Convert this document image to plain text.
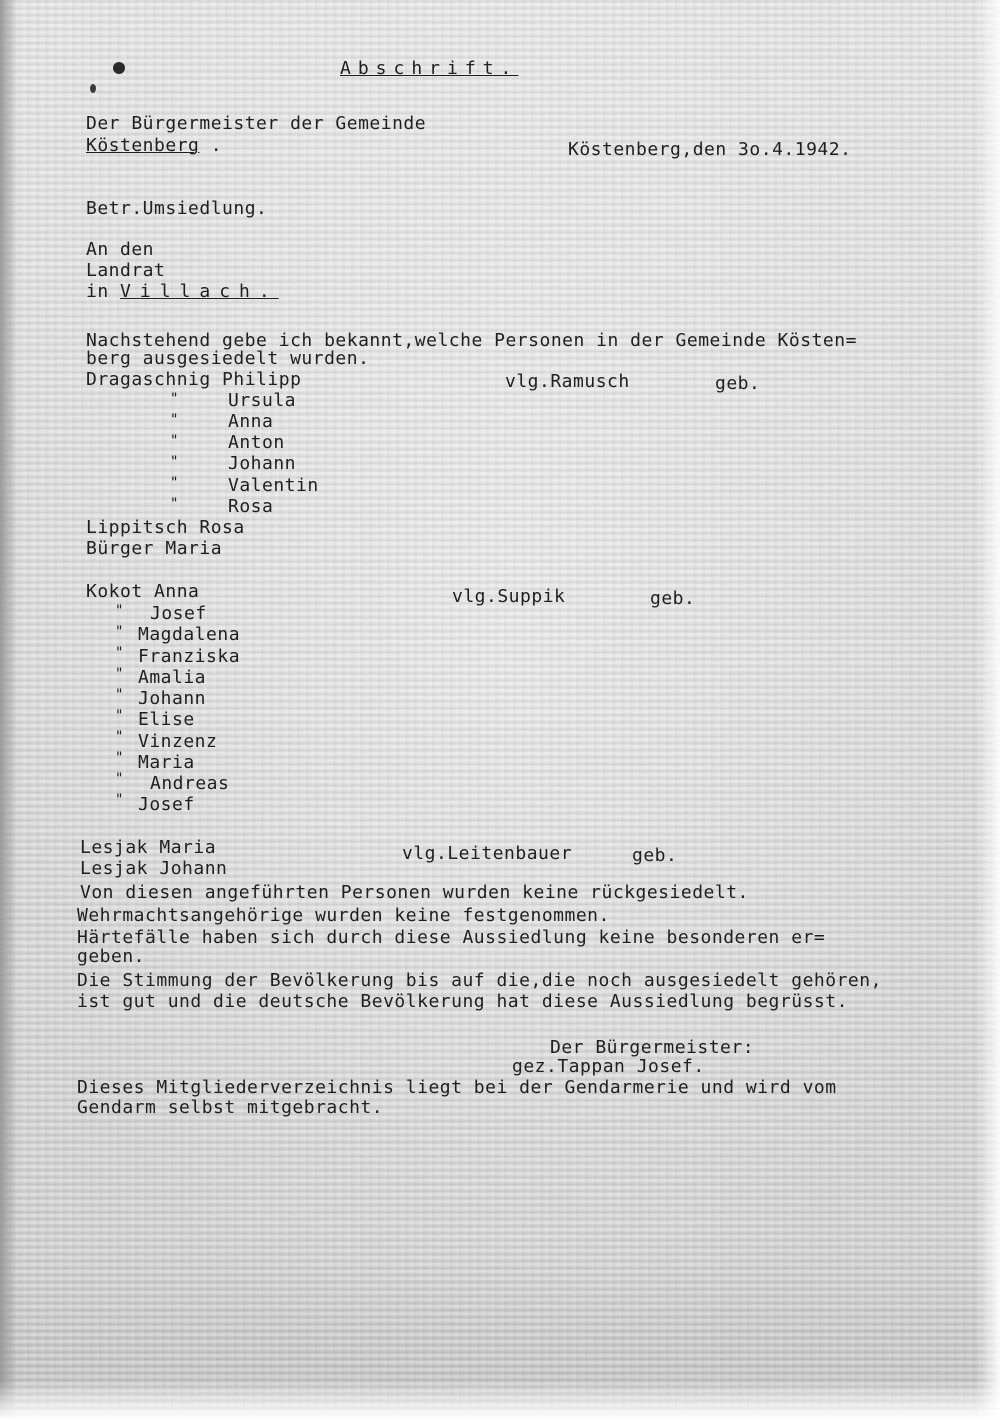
Abschrift.
Der Bürgermeister der Gemeinde
Köstenberg .	Köstenberg,den 3o.4.1942.
Betr.Umsiedlung.
An den
Landrat
in Villach.
Nachstehend gebe ich bekannt,welche Personen in der Gemeinde Kösten=
berg ausgesiedelt wurden.
Dragaschnig Philipp	vlg.Ramusch	geb.
"	Ursula
"	Anna
"	Anton
"	Johann
"	Valentin
"	Rosa
Lippitsch Rosa
Bürger Maria
Kokot Anna	vlg.Suppik	geb.
" Josef
" Magdalena
" Franziska
" Amalia
" Johann
" Elise
" Vinzenz
" Maria
" Andreas
" Josef
Lesjak Maria	vlg.Leitenbauer	geb.
Lesjak Johann
Von diesen angeführten Personen wurden keine rückgesiedelt.
Wehrmachtsangehörige wurden keine festgenommen.
Härtefälle haben sich durch diese Aussiedlung keine besonderen er=
geben.
Die Stimmung der Bevölkerung bis auf die,die noch ausgesiedelt gehören,
ist gut und die deutsche Bevölkerung hat diese Aussiedlung begrüsst.
Der Bürgermeister:
gez.Tappan Josef.
Dieses Mitgliederverzeichnis liegt bei der Gendarmerie und wird vom
Gendarm selbst mitgebracht.
